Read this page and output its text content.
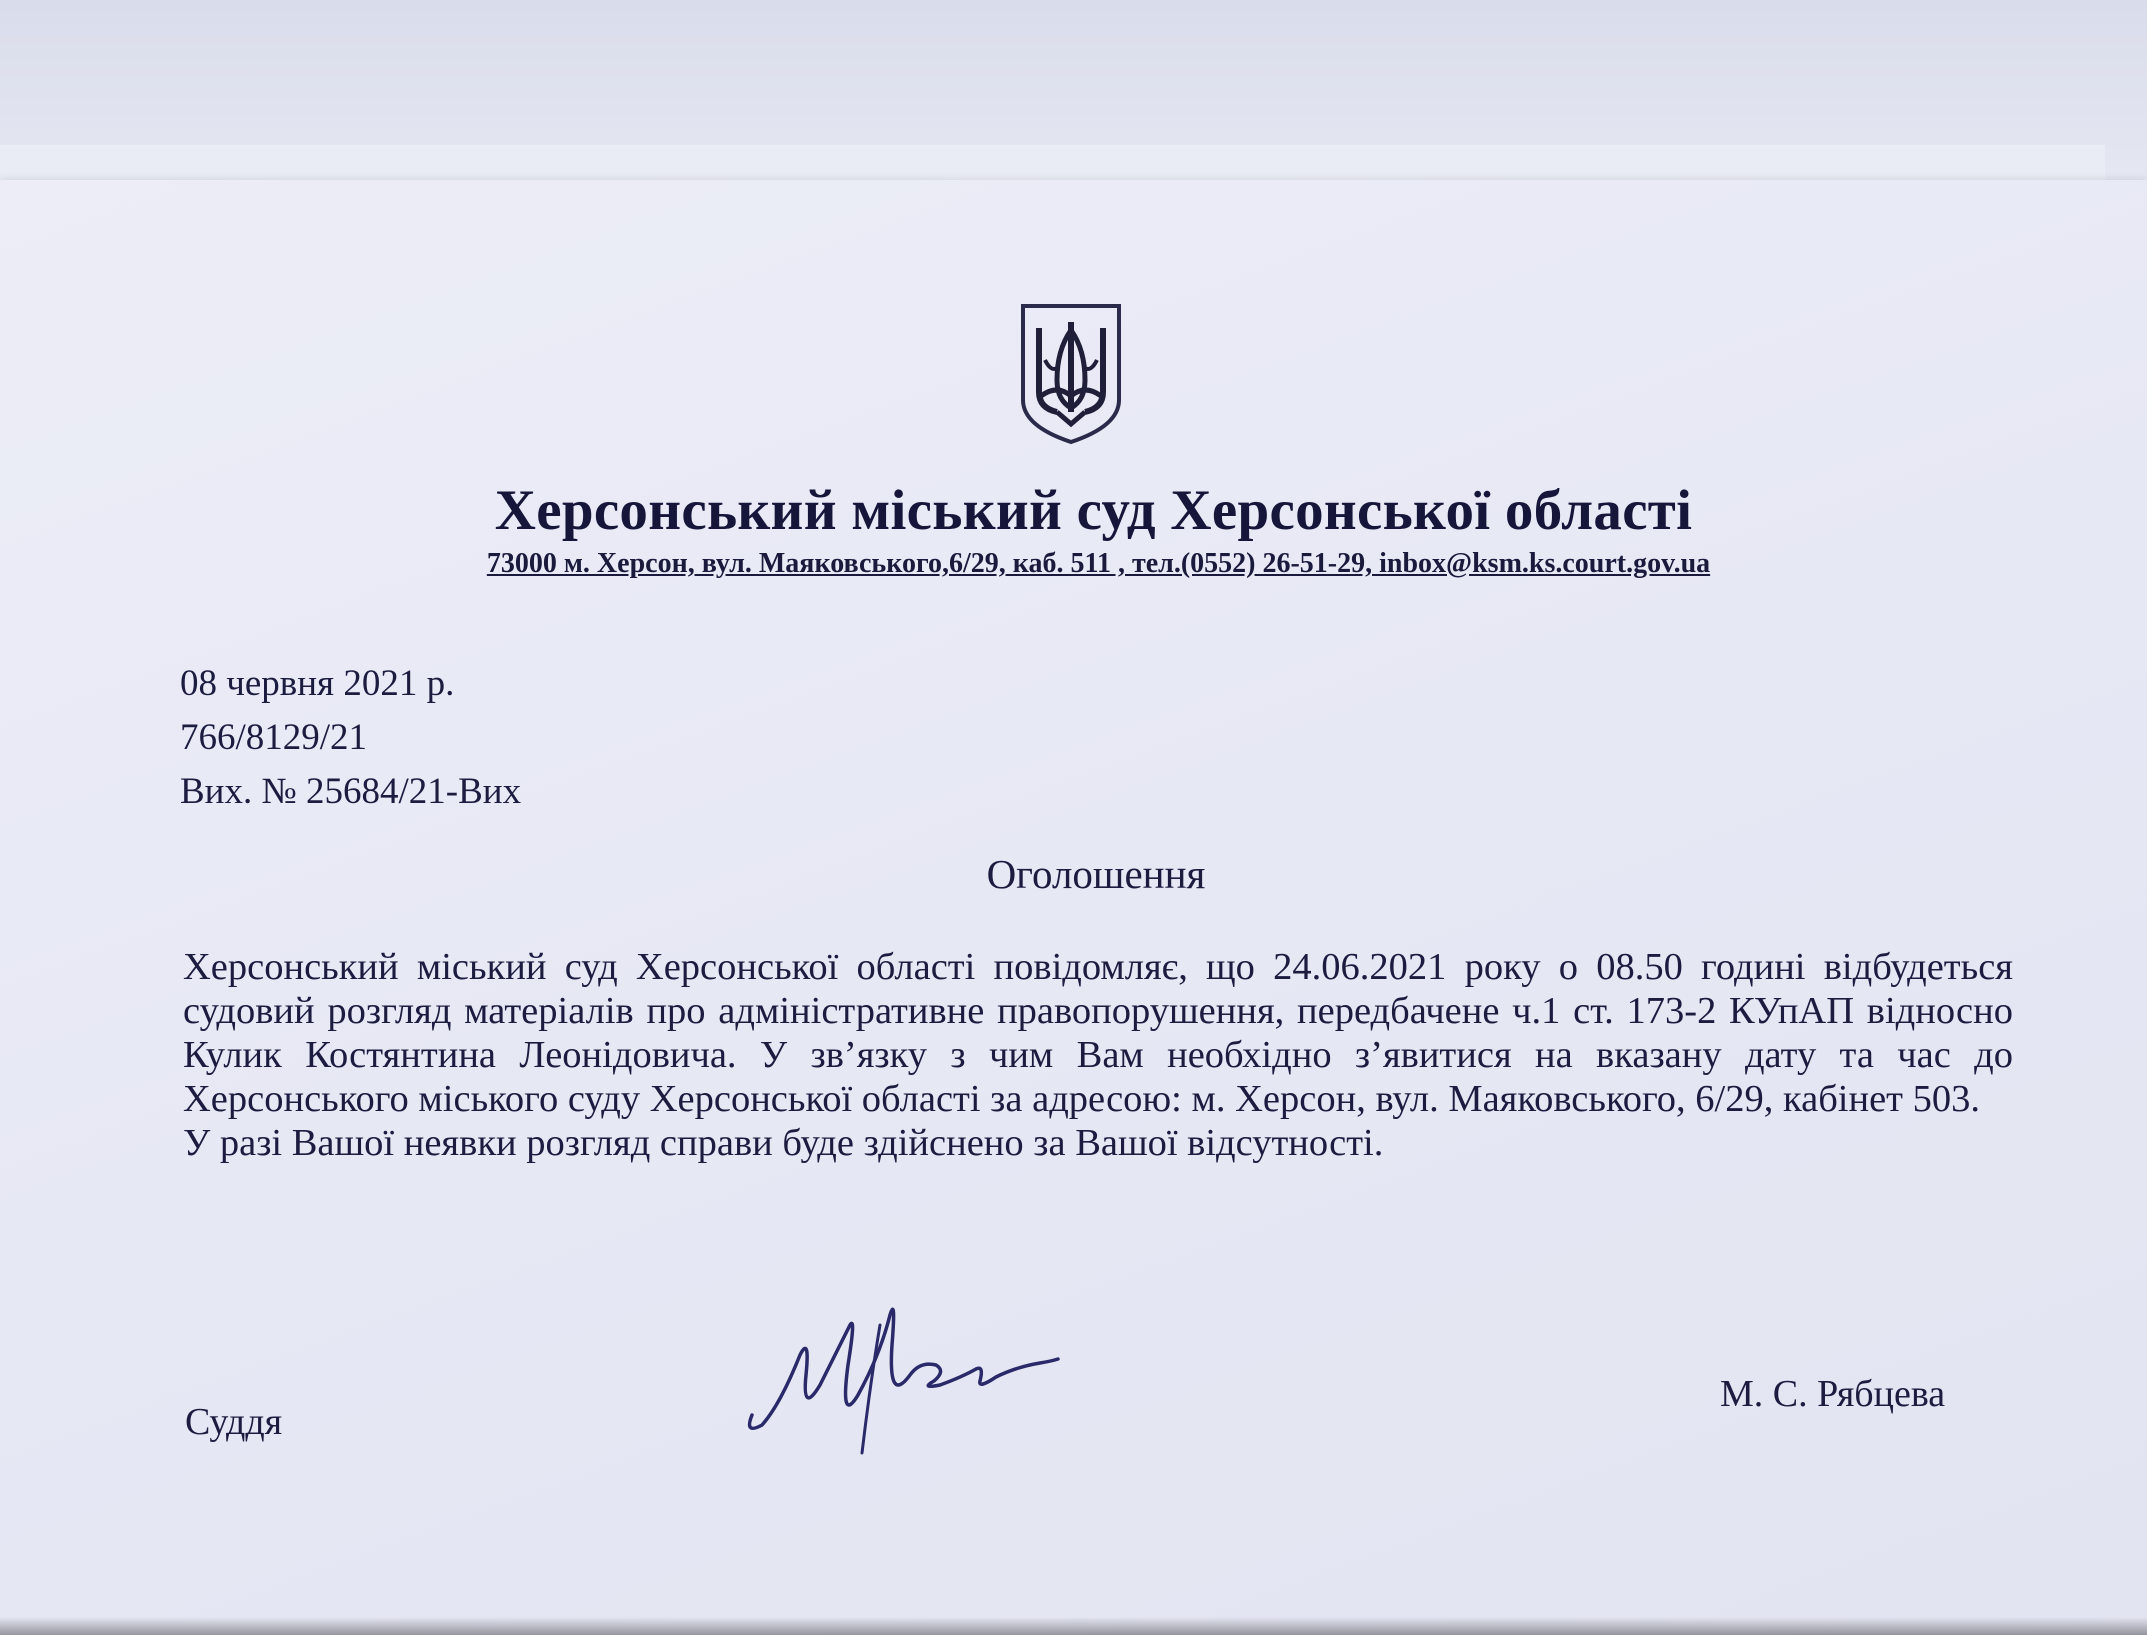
Херсонський міський суд Херсонської області
73000 м. Херсон, вул. Маяковського,6/29, каб. 511 , тел.(0552) 26-51-29, inbox@ksm.ks.court.gov.ua
08 червня 2021 р.
766/8129/21
Вих. № 25684/21-Вих
Оголошення

Херсонський міський суд Херсонської області повідомляє, що 24.06.2021 року о 08.50 годині відбудеться судовий розгляд матеріалів про адміністративне правопорушення, передбачене ч.1 ст. 173-2 КУпАП відносно Кулик Костянтина Леонідовича. У зв’язку з чим Вам необхідно з’явитися на вказану дату та час до Херсонського міського суду Херсонської області за адресою: м. Херсон, вул. Маяковського, 6/29, кабінет 503.

У разі Вашої неявки розгляд справи буде здійснено за Вашої відсутності.

Суддя
М. С. Рябцева
